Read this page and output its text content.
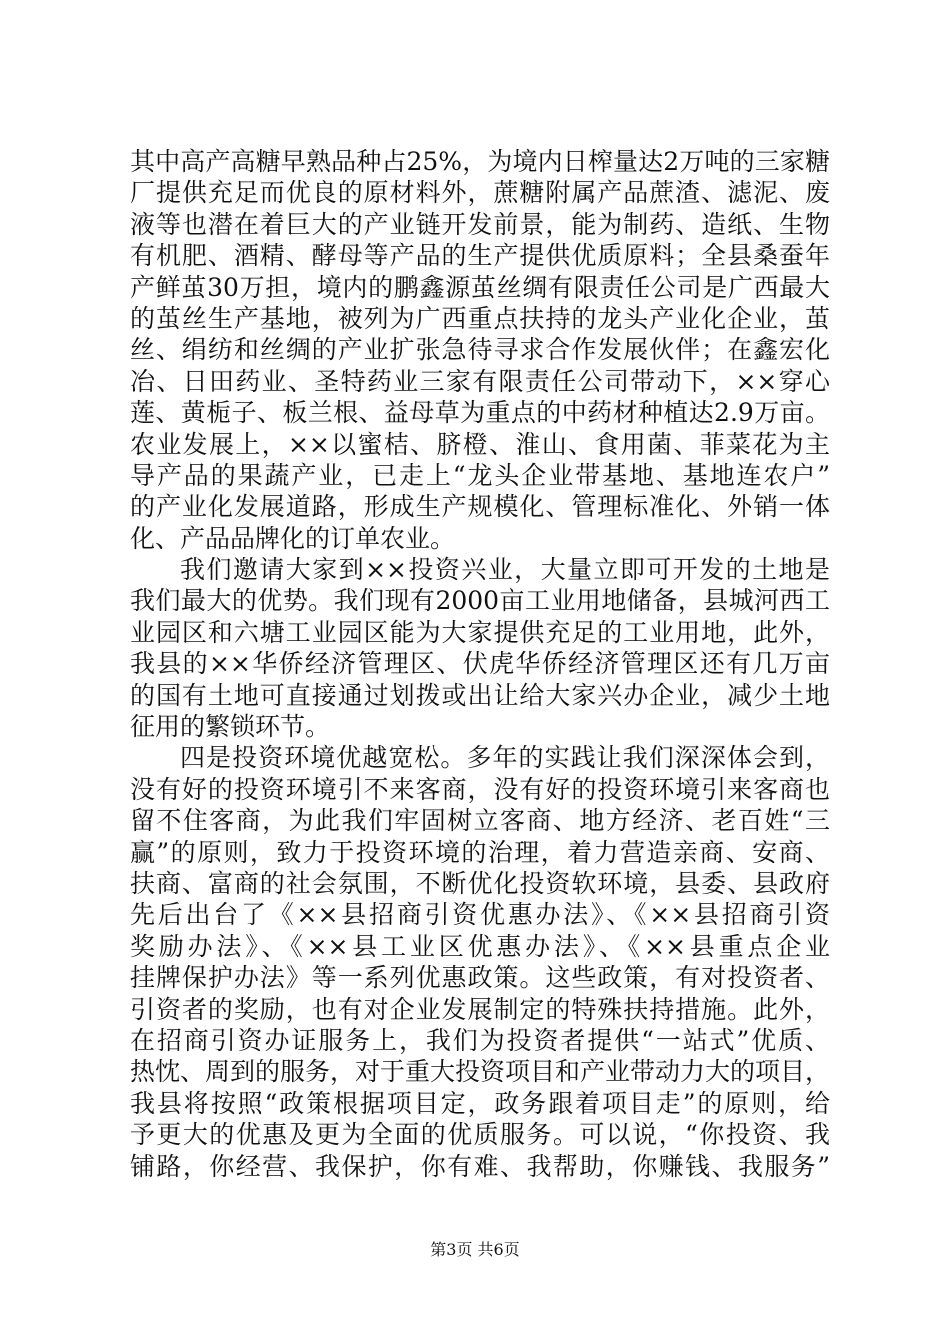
其中高产高糖早熟品种占25%，为境内日榨量达2万吨的三家糖
厂提供充足而优良的原材料外，蔗糖附属产品蔗渣、滤泥、废
液等也潜在着巨大的产业链开发前景，能为制药、造纸、生物
有机肥、酒精、酵母等产品的生产提供优质原料；全县桑蚕年
产鲜茧30万担，境内的鹏鑫源茧丝绸有限责任公司是广西最大
的茧丝生产基地，被列为广西重点扶持的龙头产业化企业，茧
丝、绢纺和丝绸的产业扩张急待寻求合作发展伙伴；在鑫宏化
冶、日田药业、圣特药业三家有限责任公司带动下，××穿心
莲、黄栀子、板兰根、益母草为重点的中药材种植达2.9万亩。
农业发展上，××以蜜桔、脐橙、淮山、食用菌、菲菜花为主
导产品的果蔬产业，已走上“龙头企业带基地、基地连农户”
的产业化发展道路，形成生产规模化、管理标准化、外销一体
化、产品品牌化的订单农业。
我们邀请大家到××投资兴业，大量立即可开发的土地是
我们最大的优势。我们现有2000亩工业用地储备，县城河西工
业园区和六塘工业园区能为大家提供充足的工业用地，此外，
我县的××华侨经济管理区、伏虎华侨经济管理区还有几万亩
的国有土地可直接通过划拨或出让给大家兴办企业，减少土地
征用的繁锁环节。
四是投资环境优越宽松。多年的实践让我们深深体会到，
没有好的投资环境引不来客商，没有好的投资环境引来客商也
留不住客商，为此我们牢固树立客商、地方经济、老百姓“三
赢”的原则，致力于投资环境的治理，着力营造亲商、安商、
扶商、富商的社会氛围，不断优化投资软环境，县委、县政府
先后出台了《××县招商引资优惠办法》、《××县招商引资
奖励办法》、《××县工业区优惠办法》、《××县重点企业
挂牌保护办法》等一系列优惠政策。这些政策，有对投资者、
引资者的奖励，也有对企业发展制定的特殊扶持措施。此外，
在招商引资办证服务上，我们为投资者提供“一站式”优质、
热忱、周到的服务，对于重大投资项目和产业带动力大的项目，
我县将按照“政策根据项目定，政务跟着项目走”的原则，给
予更大的优惠及更为全面的优质服务。可以说，“你投资、我
铺路，你经营、我保护，你有难、我帮助，你赚钱、我服务”
第3页 共6页
